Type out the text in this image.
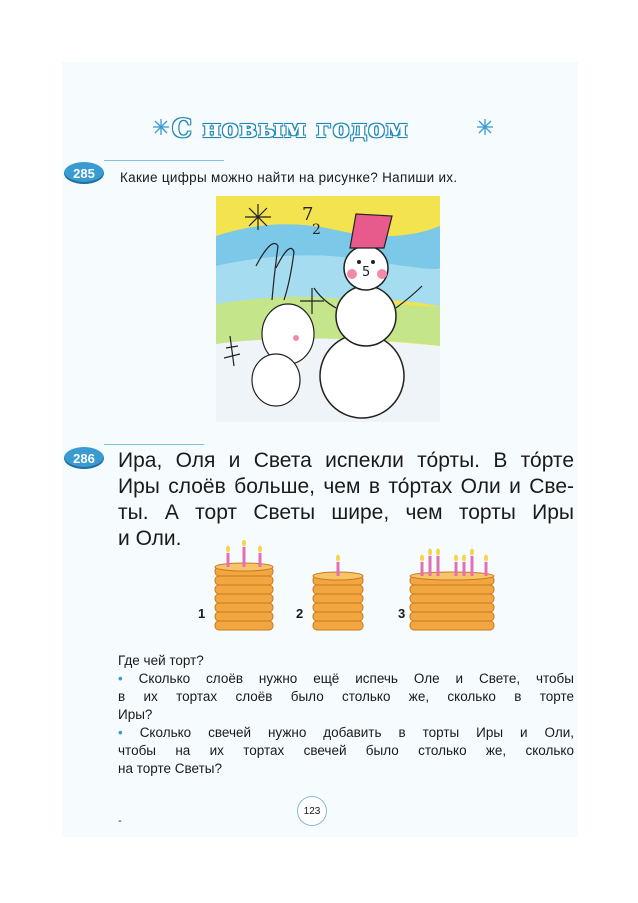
С новым годом
285	Какие цифры можно найти на рисунке? Напиши их.
7
2
5
286	Ира, Оля и Света испекли то́рты. В то́рте
Иры слоёв больше, чем в то́ртах Оли и Све-
ты. А торт Светы шире, чем торты Иры
и Оли.
1	2	3
Где чей торт?
• Сколько слоёв нужно ещё испечь Оле и Свете, чтобы
в их тортах слоёв было столько же, сколько в торте
Иры?
• Сколько свечей нужно добавить в торты Иры и Оли,
чтобы на их тортах свечей было столько же, сколько
на торте Светы?
123
-
